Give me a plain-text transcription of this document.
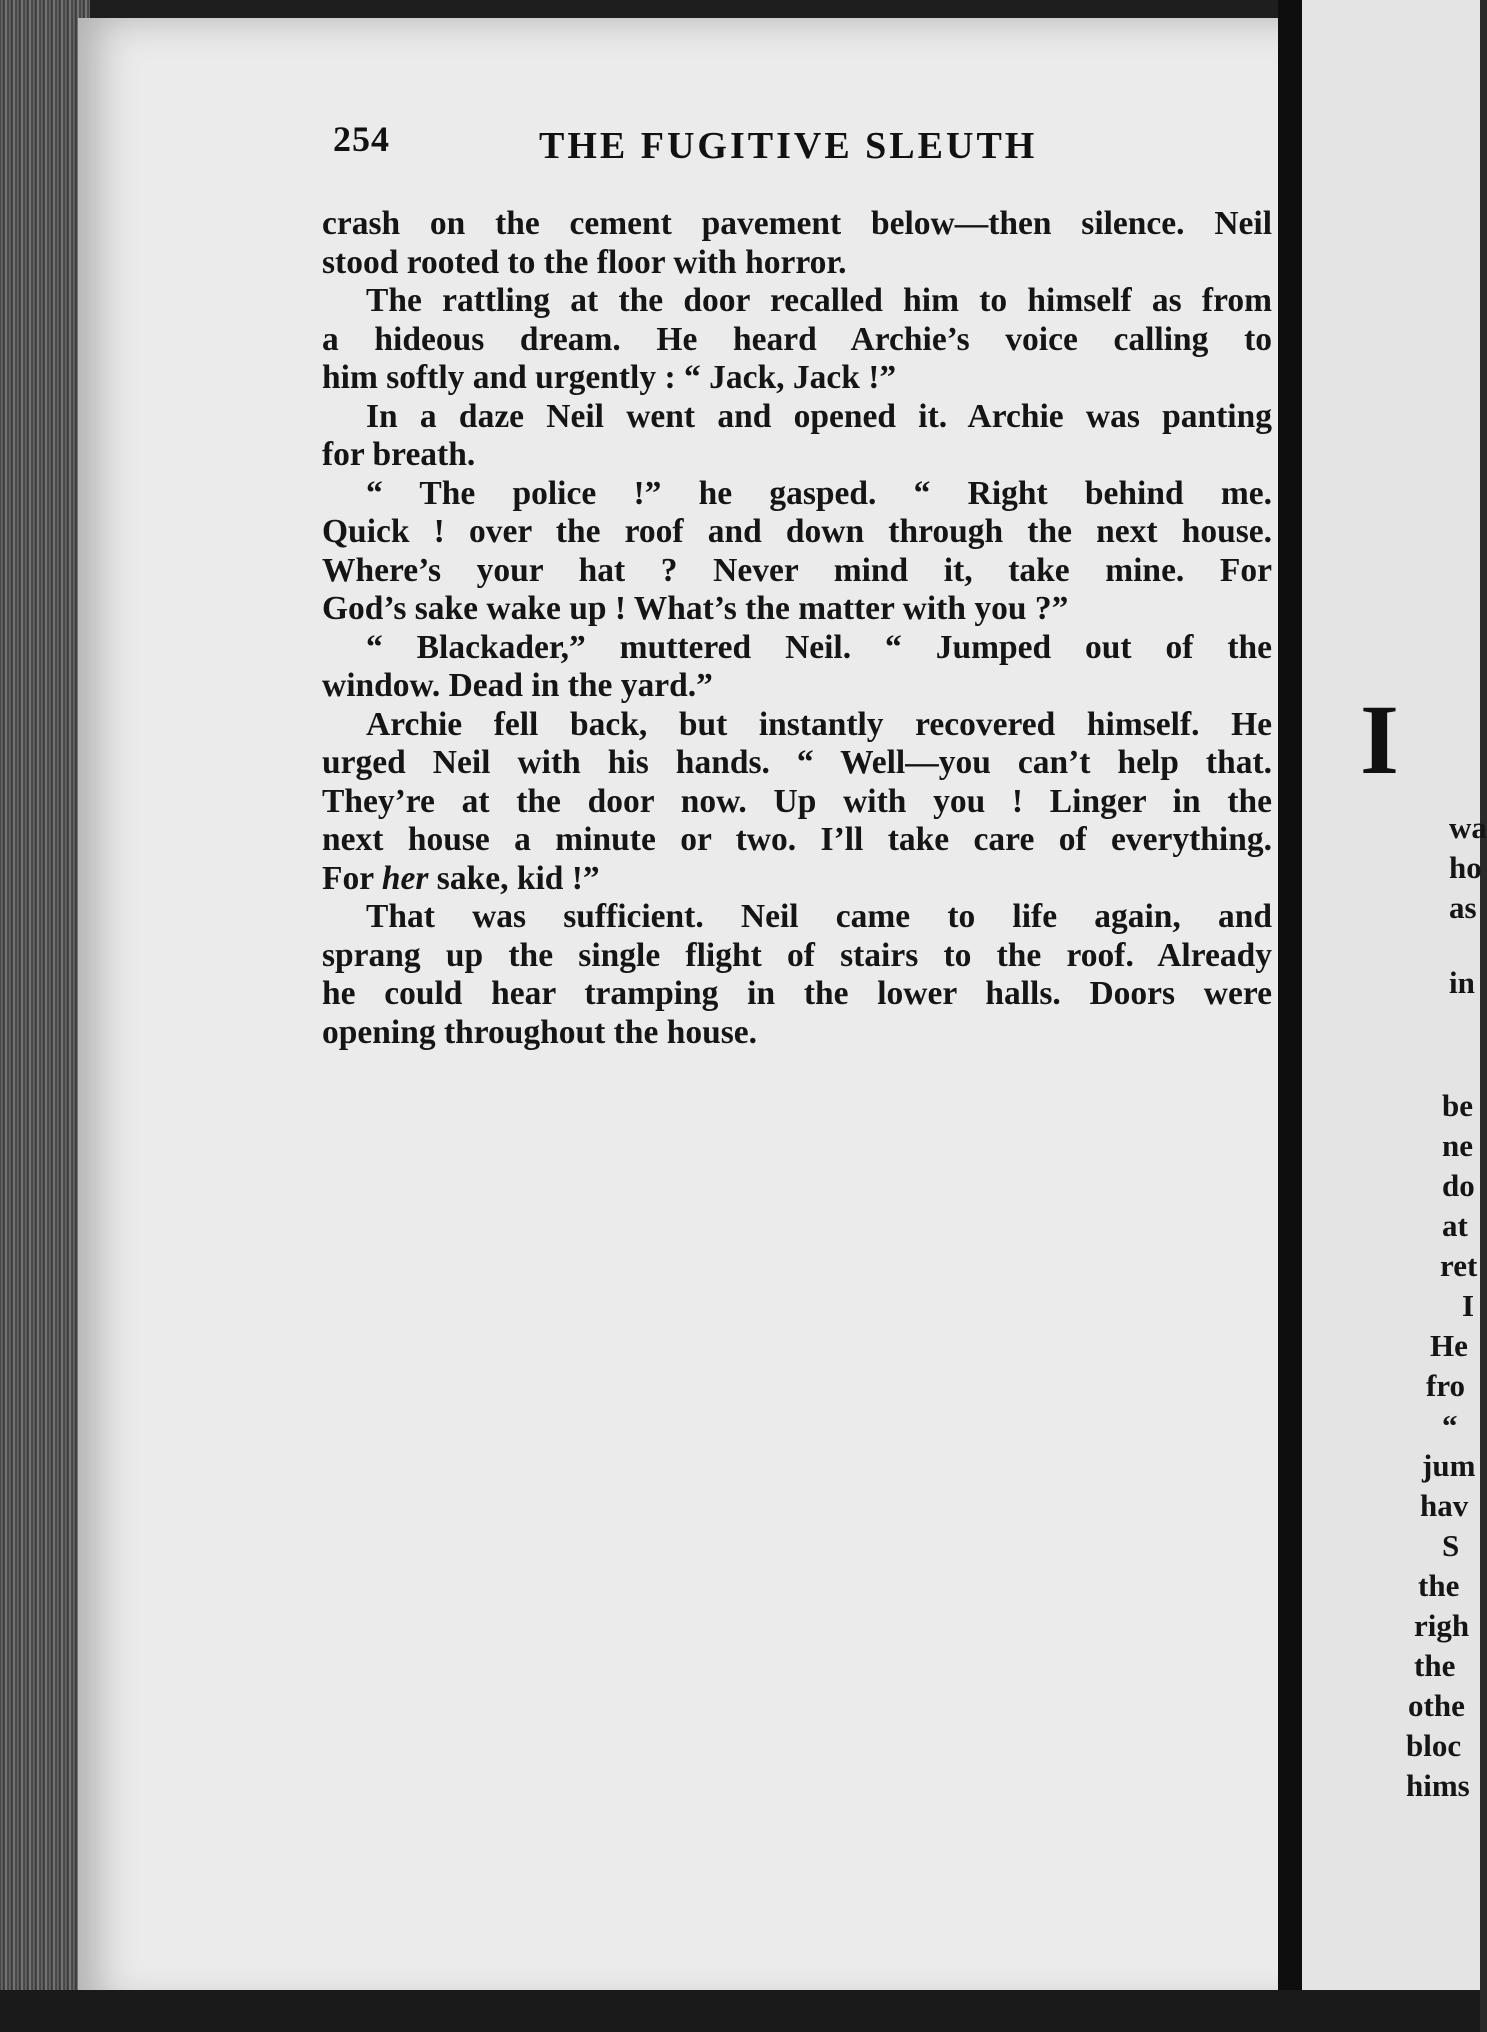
254	THE FUGITIVE SLEUTH
crash on the cement pavement below—then silence. Neil
stood rooted to the floor with horror.
The rattling at the door recalled him to himself as from
a hideous dream. He heard Archie’s voice calling to
him softly and urgently : “ Jack, Jack !”
In a daze Neil went and opened it. Archie was panting
for breath.
“ The police !” he gasped. “ Right behind me.
Quick ! over the roof and down through the next house.
Where’s your hat ? Never mind it, take mine. For
God’s sake wake up ! What’s the matter with you ?”
“ Blackader,” muttered Neil. “ Jumped out of the
window. Dead in the yard.”
Archie fell back, but instantly recovered himself. He
urged Neil with his hands. “ Well—you can’t help that.
They’re at the door now. Up with you ! Linger in the
next house a minute or two. I’ll take care of everything.
For her sake, kid !”
That was sufficient. Neil came to life again, and
sprang up the single flight of stairs to the roof. Already
he could hear tramping in the lower halls. Doors were
opening throughout the house.
I
wa
ho
as
in
be
ne
do
at
ret
I
He
fro
“
jum
hav
S
the
righ
the
othe
bloc
hims
